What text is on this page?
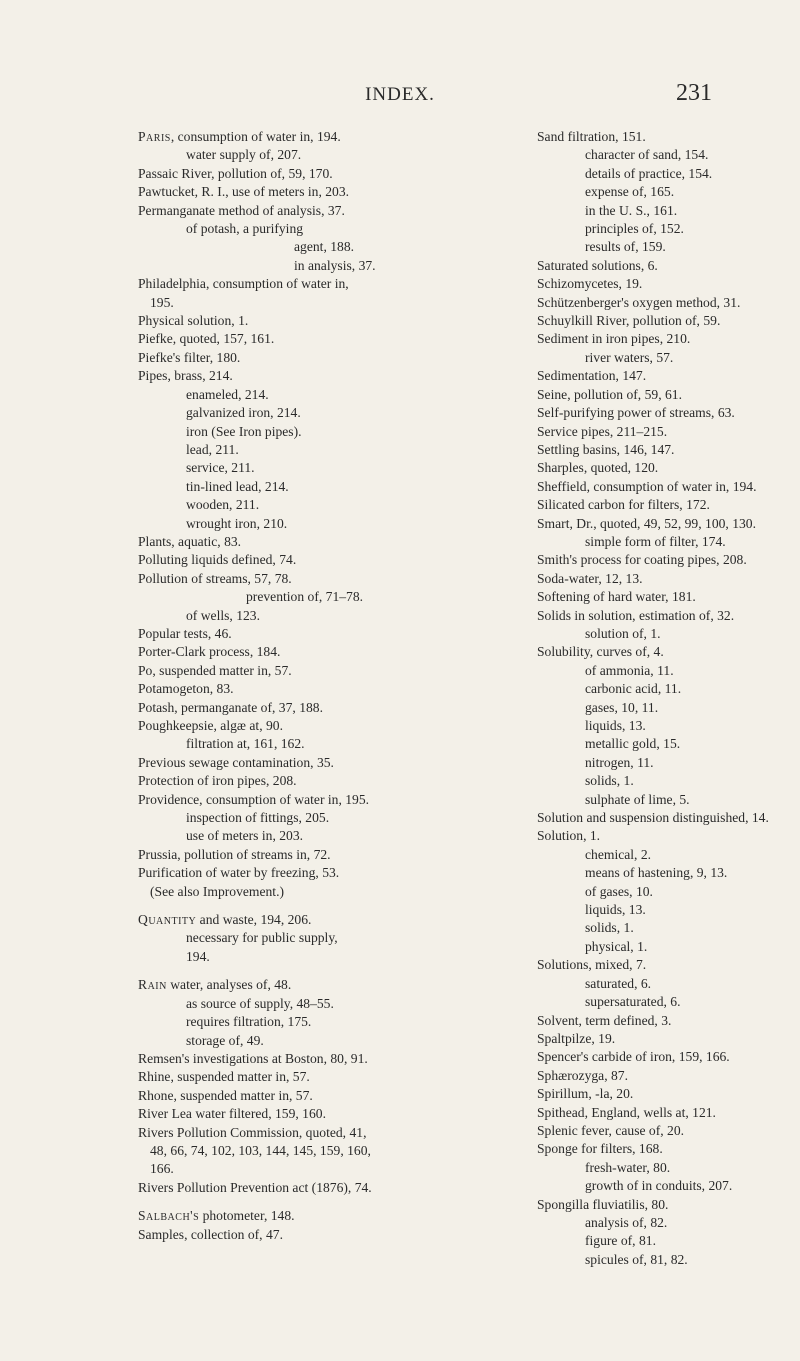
INDEX.	231
Paris, consumption of water in, 194.
water supply of, 207.
Passaic River, pollution of, 59, 170.
Pawtucket, R. I., use of meters in, 203.
Permanganate method of analysis, 37.
of potash, a purifying
agent, 188.
in analysis, 37.
Philadelphia, consumption of water in,
195.
Physical solution, 1.
Piefke, quoted, 157, 161.
Piefke's filter, 180.
Pipes, brass, 214.
enameled, 214.
galvanized iron, 214.
iron (See Iron pipes).
lead, 211.
service, 211.
tin-lined lead, 214.
wooden, 211.
wrought iron, 210.
Plants, aquatic, 83.
Polluting liquids defined, 74.
Pollution of streams, 57, 78.
prevention of, 71–78.
of wells, 123.
Popular tests, 46.
Porter-Clark process, 184.
Po, suspended matter in, 57.
Potamogeton, 83.
Potash, permanganate of, 37, 188.
Poughkeepsie, algæ at, 90.
filtration at, 161, 162.
Previous sewage contamination, 35.
Protection of iron pipes, 208.
Providence, consumption of water in, 195.
inspection of fittings, 205.
use of meters in, 203.
Prussia, pollution of streams in, 72.
Purification of water by freezing, 53.
(See also Improvement.)
Quantity and waste, 194, 206.
necessary for public supply,
194.
Rain water, analyses of, 48.
as source of supply, 48–55.
requires filtration, 175.
storage of, 49.
Remsen's investigations at Boston, 80, 91.
Rhine, suspended matter in, 57.
Rhone, suspended matter in, 57.
River Lea water filtered, 159, 160.
Rivers Pollution Commission, quoted, 41,
48, 66, 74, 102, 103, 144, 145, 159, 160,
166.
Rivers Pollution Prevention act (1876), 74.
Salbach's photometer, 148.
Samples, collection of, 47.
Sand filtration, 151.
character of sand, 154.
details of practice, 154.
expense of, 165.
in the U. S., 161.
principles of, 152.
results of, 159.
Saturated solutions, 6.
Schizomycetes, 19.
Schützenberger's oxygen method, 31.
Schuylkill River, pollution of, 59.
Sediment in iron pipes, 210.
river waters, 57.
Sedimentation, 147.
Seine, pollution of, 59, 61.
Self-purifying power of streams, 63.
Service pipes, 211–215.
Settling basins, 146, 147.
Sharples, quoted, 120.
Sheffield, consumption of water in, 194.
Silicated carbon for filters, 172.
Smart, Dr., quoted, 49, 52, 99, 100, 130.
simple form of filter, 174.
Smith's process for coating pipes, 208.
Soda-water, 12, 13.
Softening of hard water, 181.
Solids in solution, estimation of, 32.
solution of, 1.
Solubility, curves of, 4.
of ammonia, 11.
carbonic acid, 11.
gases, 10, 11.
liquids, 13.
metallic gold, 15.
nitrogen, 11.
solids, 1.
sulphate of lime, 5.
Solution and suspension distinguished, 14.
Solution, 1.
chemical, 2.
means of hastening, 9, 13.
of gases, 10.
liquids, 13.
solids, 1.
physical, 1.
Solutions, mixed, 7.
saturated, 6.
supersaturated, 6.
Solvent, term defined, 3.
Spaltpilze, 19.
Spencer's carbide of iron, 159, 166.
Sphærozyga, 87.
Spirillum, -la, 20.
Spithead, England, wells at, 121.
Splenic fever, cause of, 20.
Sponge for filters, 168.
fresh-water, 80.
growth of in conduits, 207.
Spongilla fluviatilis, 80.
analysis of, 82.
figure of, 81.
spicules of, 81, 82.
